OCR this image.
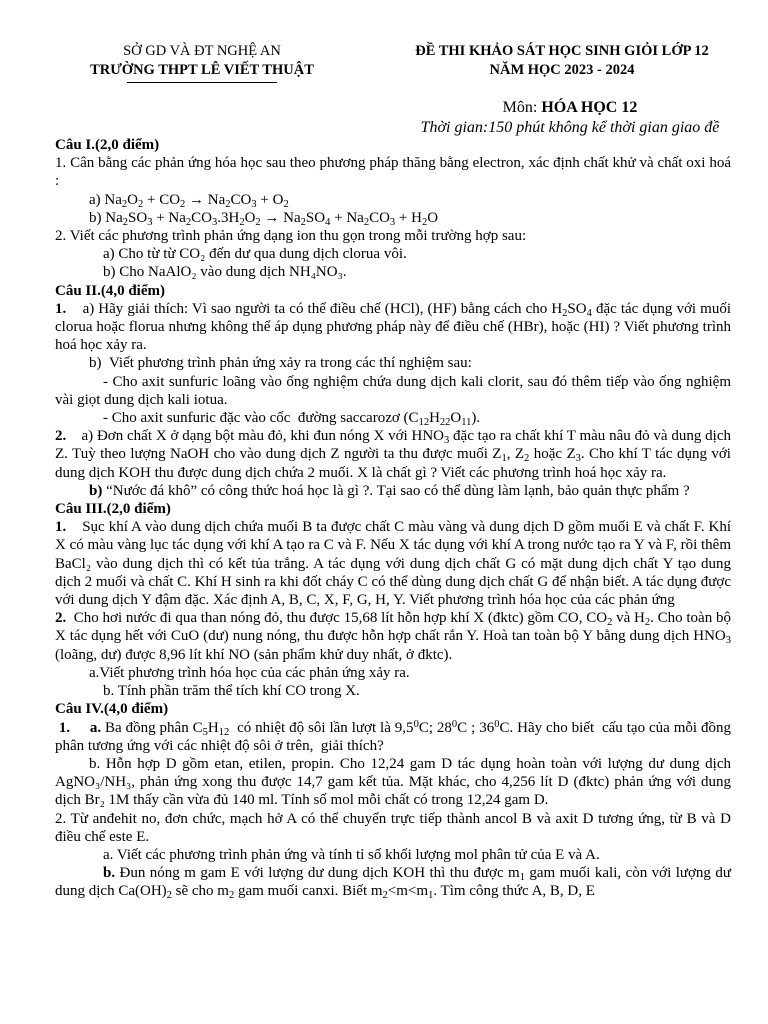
SỞ GD VÀ ĐT NGHỆ AN
TRƯỜNG THPT LÊ VIẾT THUẬT
ĐỀ THI KHẢO SÁT HỌC SINH GIỎI LỚP 12
NĂM HỌC 2023 - 2024
Môn: HÓA HỌC 12
Thời gian:150 phút không kể thời gian giao đề

Câu I.(2,0 điểm)

1. Cân bằng các phản ứng hóa học sau theo phương pháp thăng bằng electron, xác định chất khử và chất oxi hoá :

a) $Na_2O_2 + CO_2 \to Na_2CO_3 + O_2$

b) $Na_2SO_3 + Na_2CO_3.3H_2O_2 \to Na_2SO_4 + Na_2CO_3 + H_2O$

2. Viết các phương trình phản ứng dạng ion thu gọn trong mỗi trường hợp sau:

a) Cho từ từ CO₂ đến dư qua dung dịch clorua vôi.

b) Cho NaAlO₂ vào dung dịch NH₄NO₃.

Câu II.(4,0 điểm)

1.    a) Hãy giải thích: Vì sao người ta có thể điều chế (HCl), (HF) bằng cách cho $H_2SO_4$ đặc tác dụng với muối clorua hoặc florua nhưng không thể áp dụng phương pháp này để điều chế (HBr), hoặc (HI) ? Viết phương trình hoá học xảy ra.

b)  Viết phương trình phản ứng xảy ra trong các thí nghiệm sau:

- Cho axit sunfuric loãng vào ống nghiệm chứa dung dịch kali clorit, sau đó thêm tiếp vào ống nghiệm vài giọt dung dịch kali iotua.

- Cho axit sunfuric đặc vào cốc  đường saccarozơ $(C_{12}H_{22}O_{11})$.

2.    a) Đơn chất X ở dạng bột màu đỏ, khi đun nóng X với $HNO_3$ đặc tạo ra chất khí T màu nâu đỏ và dung dịch Z. Tuỳ theo lượng NaOH cho vào dung dịch Z người ta thu được muối $Z_1$, $Z_2$ hoặc $Z_3$. Cho khí T tác dụng với dung dịch KOH thu được dung dịch chứa 2 muối. X là chất gì ? Viết các phương trình hoá học xảy ra.

b) “Nước đá khô” có công thức hoá học là gì ?. Tại sao có thể dùng làm lạnh, bảo quản thực phẩm ?

Câu III.(2,0 điểm)

1. Sục khí A vào dung dịch chứa muối B ta được chất C màu vàng và dung dịch D gồm muối E và chất F. Khí X có màu vàng lục tác dụng với khí A tạo ra C và F. Nếu X tác dụng với khí A trong nước tạo ra Y và F, rồi thêm BaCl₂ vào dung dịch thì có kết tủa trắng. A tác dụng với dung dịch chất G có mặt dung dịch chất Y tạo dung dịch 2 muối và chất C. Khí H sinh ra khi đốt cháy C có thể dùng dung dịch chất G để nhận biết. A tác dụng được với dung dịch Y đậm đặc. Xác định A, B, C, X, F, G, H, Y. Viết phương trình hóa học của các phản ứng

2.  Cho hơi nước đi qua than nóng đỏ, thu được 15,68 lít hỗn hợp khí X (đktc) gồm CO, $CO_2$ và $H_2$. Cho toàn bộ X tác dụng hết với CuO (dư) nung nóng, thu được hỗn hợp chất rắn Y. Hoà tan toàn bộ Y bằng dung dịch $HNO_3$ (loãng, dư) được 8,96 lít khí NO (sản phẩm khử duy nhất, ở đktc).

a.Viết phương trình hóa học của các phản ứng xảy ra.

b. Tính phần trăm thể tích khí CO trong X.

Câu IV.(4,0 điểm)

1. a. Ba đồng phân $C_5H_{12}$  có nhiệt độ sôi lần lượt là $9,5^0C$; $28^0C$ ; $36^0C$. Hãy cho biết  cấu tạo của mỗi đồng phân tương ứng với các nhiệt độ sôi ở trên,  giải thích?

b. Hỗn hợp D gồm etan, etilen, propin. Cho 12,24 gam D tác dụng hoàn toàn với lượng dư dung dịch AgNO₃/NH₃, phản ứng xong thu được 14,7 gam kết tủa. Mặt khác, cho 4,256 lít D (đktc) phản ứng với dung dịch Br₂ 1M thấy cần vừa đủ 140 ml. Tính số mol mỗi chất có trong 12,24 gam D.

2. Từ anđehit no, đơn chức, mạch hở A có thể chuyển trực tiếp thành ancol B và axit D tương ứng, từ B và D điều chế este E.

a. Viết các phương trình phản ứng và tính tỉ số khối lượng mol phân tử của E và A.

b. Đun nóng m gam E với lượng dư dung dịch KOH thì thu được $m_1$ gam muối kali, còn với lượng dư dung dịch $Ca(OH)_2$ sẽ cho $m_2$ gam muối canxi. Biết $m_2<m<m_1$. Tìm công thức A, B, D, E
